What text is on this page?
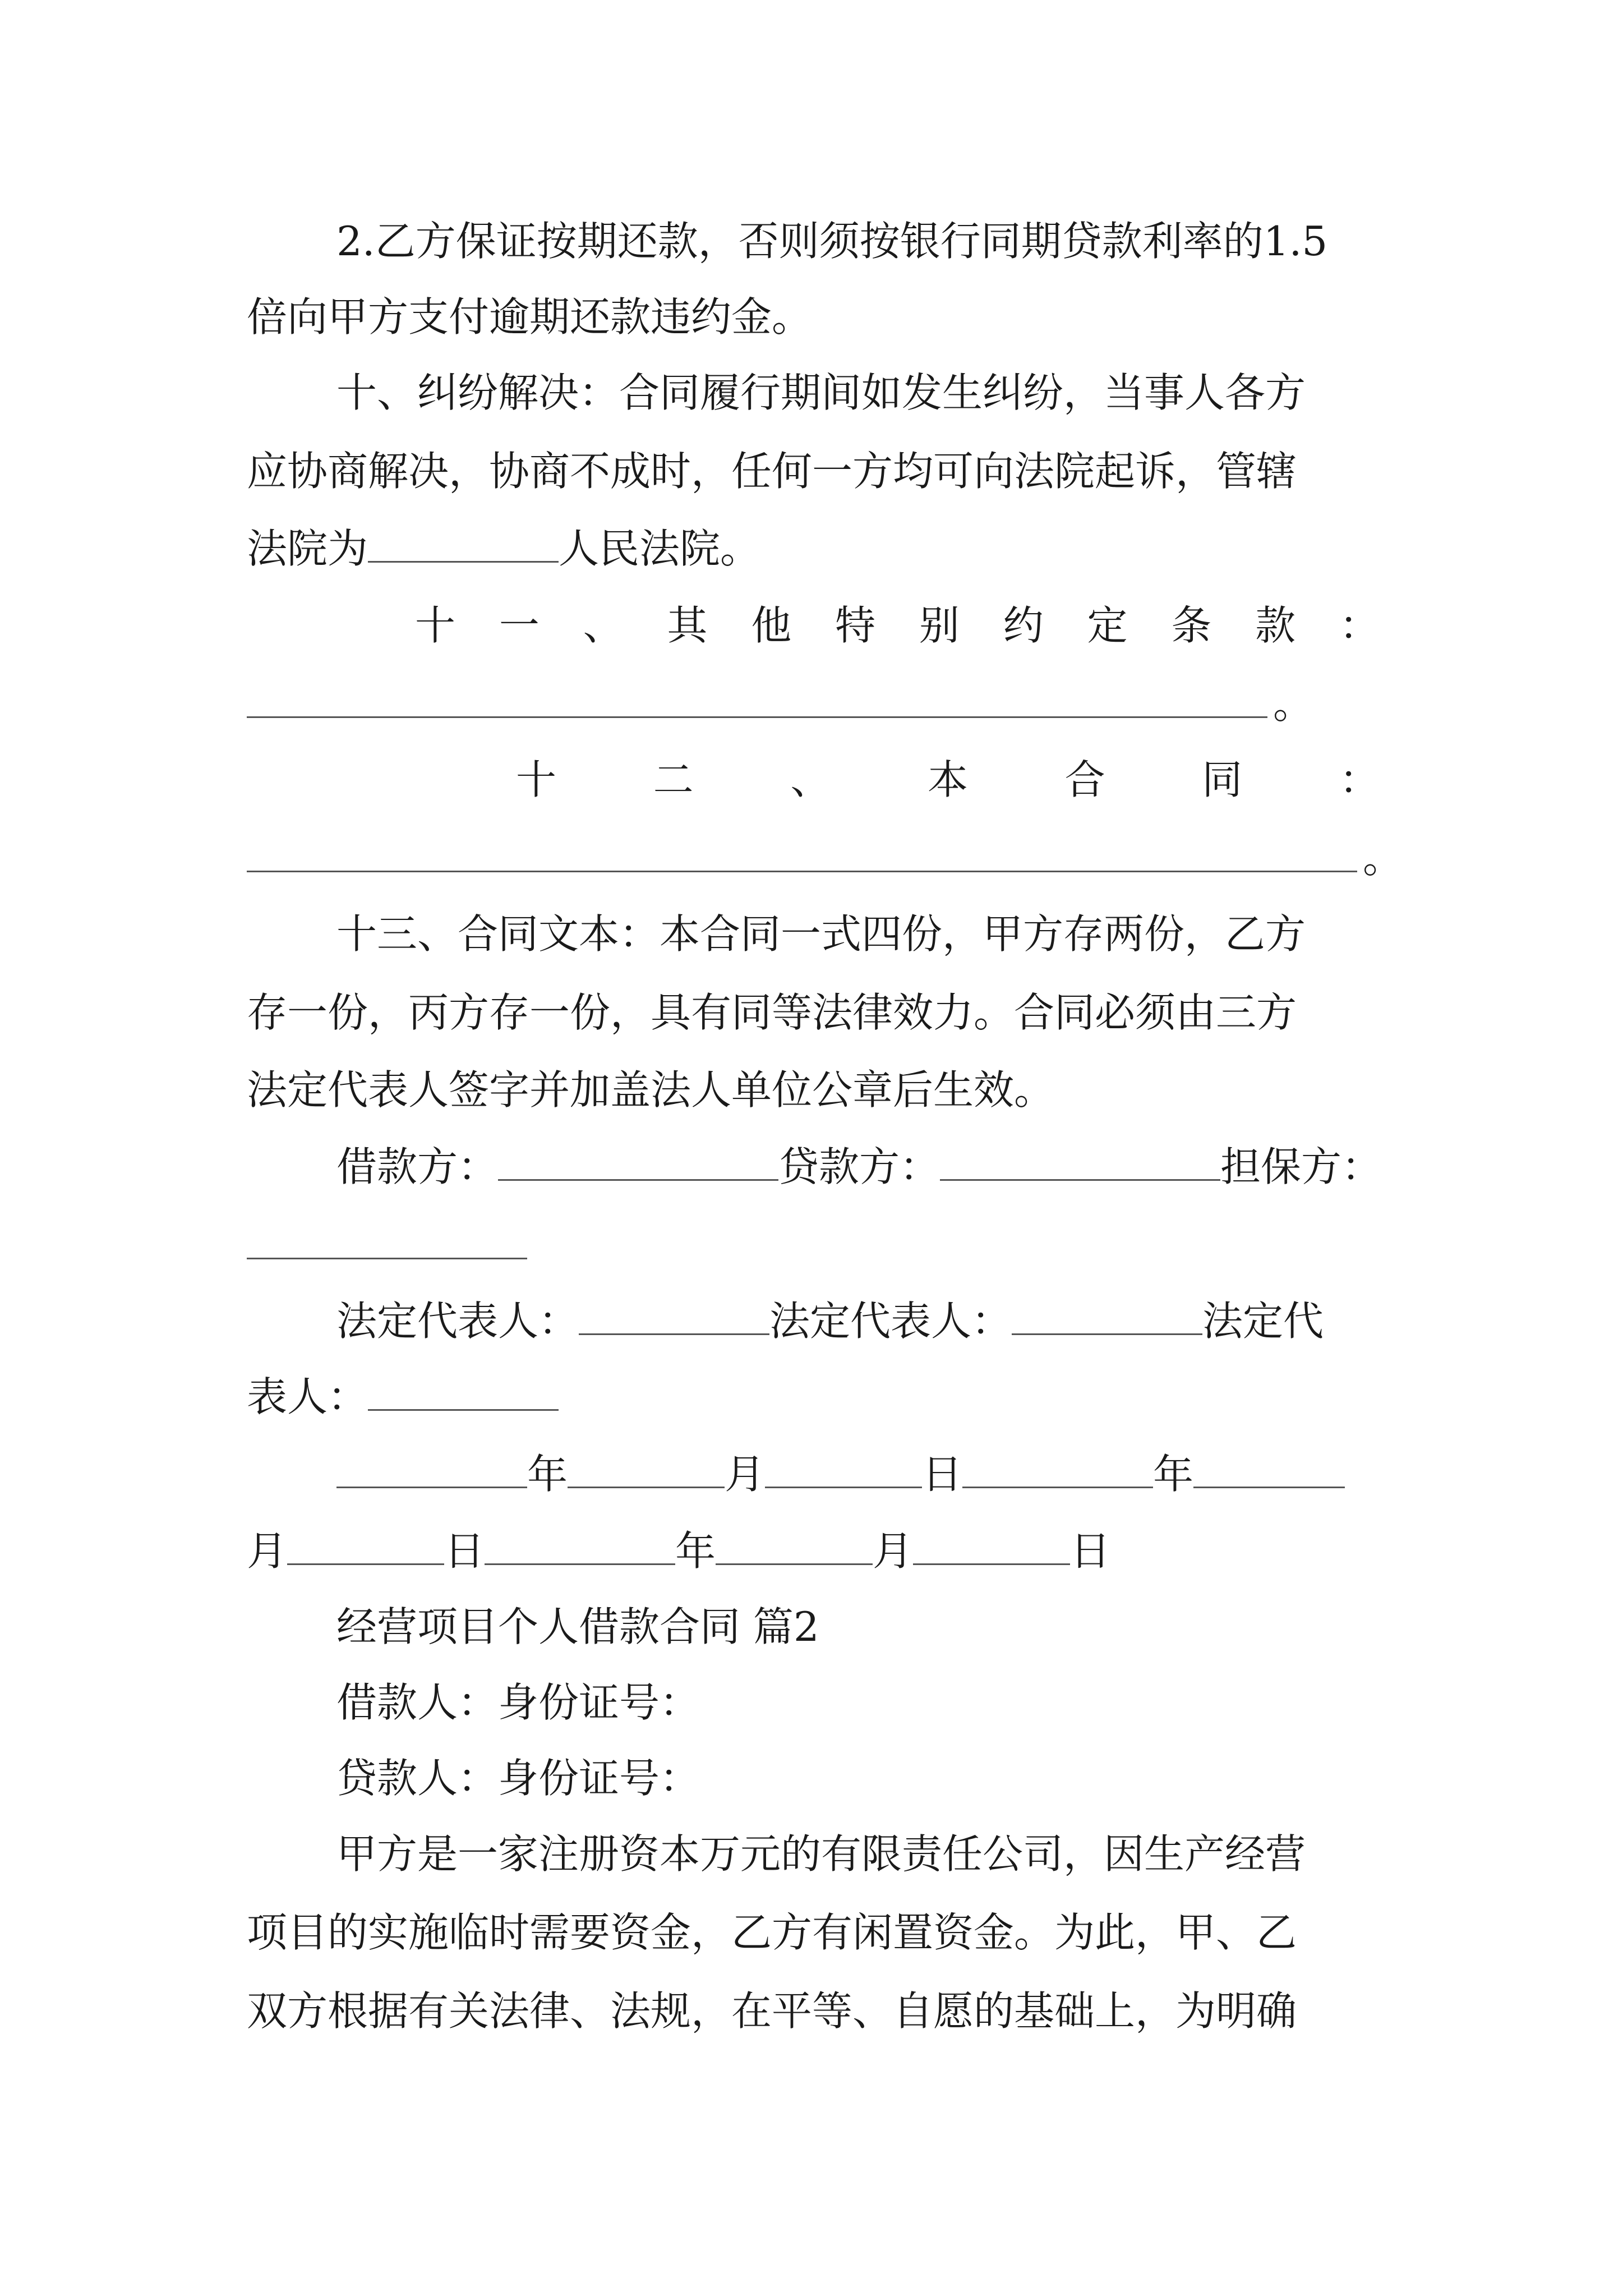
2.乙方保证按期还款，否则须按银行同期贷款利率的1.5
倍向甲方支付逾期还款违约金。
十、纠纷解决：合同履行期间如发生纠纷，当事人各方
应协商解决，协商不成时，任何一方均可向法院起诉，管辖
法院为	人民法院。
十 一 、 其 他 特 别 约 定 条 款 ：
。
十 二 、 本 合 同 ：
。
十三、合同文本：本合同一式四份，甲方存两份，乙方
存一份，丙方存一份，具有同等法律效力。合同必须由三方
法定代表人签字并加盖法人单位公章后生效。
借款方：	贷款方：	担保方：
法定代表人：	法定代表人：	法定代
表人：
年	月	日	年
月	日	年	月	日
经营项目个人借款合同 篇2
借款人：身份证号：
贷款人：身份证号：
甲方是一家注册资本万元的有限责任公司，因生产经营
项目的实施临时需要资金，乙方有闲置资金。为此，甲、乙
双方根据有关法律、法规，在平等、自愿的基础上，为明确
